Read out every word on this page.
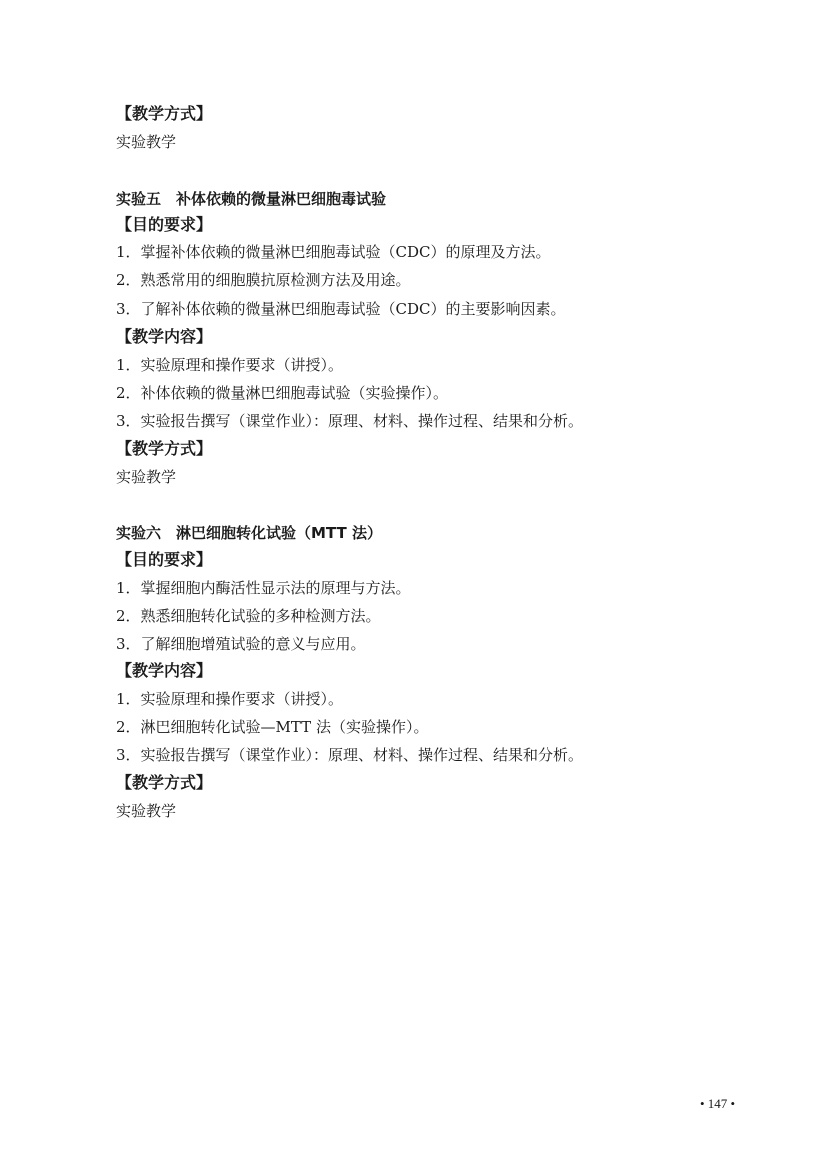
【教学方式】
实验教学
实验五　补体依赖的微量淋巴细胞毒试验
【目的要求】
1．掌握补体依赖的微量淋巴细胞毒试验（CDC）的原理及方法。
2．熟悉常用的细胞膜抗原检测方法及用途。
3．了解补体依赖的微量淋巴细胞毒试验（CDC）的主要影响因素。
【教学内容】
1．实验原理和操作要求（讲授）。
2．补体依赖的微量淋巴细胞毒试验（实验操作）。
3．实验报告撰写（课堂作业）：原理、材料、操作过程、结果和分析。
【教学方式】
实验教学
实验六　淋巴细胞转化试验（MTT 法）
【目的要求】
1．掌握细胞内酶活性显示法的原理与方法。
2．熟悉细胞转化试验的多种检测方法。
3．了解细胞增殖试验的意义与应用。
【教学内容】
1．实验原理和操作要求（讲授）。
2．淋巴细胞转化试验—MTT 法（实验操作）。
3．实验报告撰写（课堂作业）：原理、材料、操作过程、结果和分析。
【教学方式】
实验教学
• 147 •
